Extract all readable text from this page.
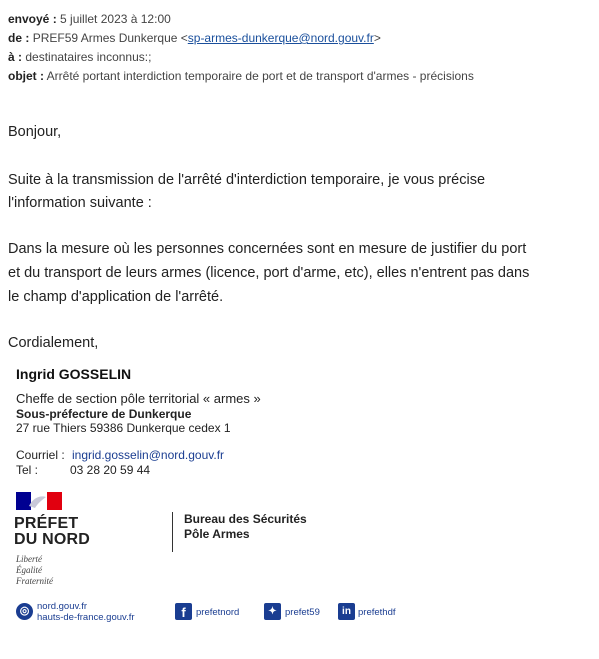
envoyé : 5 juillet 2023 à 12:00
de : PREF59 Armes Dunkerque <sp-armes-dunkerque@nord.gouv.fr>
à : destinataires inconnus:;
objet : Arrêté portant interdiction temporaire de port et de transport d'armes - précisions
Bonjour,
Suite à la transmission de l'arrêté d'interdiction temporaire, je vous précise
l'information suivante :
Dans la mesure où les personnes concernées sont en mesure de justifier du port
et du transport de leurs armes (licence, port d'arme, etc), elles n'entrent pas dans
le champ d'application de l'arrêté.
Cordialement,
Ingrid GOSSELIN
Cheffe de section pôle territorial « armes »
Sous-préfecture de Dunkerque
27 rue Thiers 59386 Dunkerque cedex 1
Courriel : ingrid.gosselin@nord.gouv.fr
Tel :	03 28 20 59 44
PRÉFET
DU NORD
Liberté
Égalité
Fraternité
Bureau des Sécurités
Pôle Armes
◎ nord.gouv.fr
hauts-de-france.gouv.fr	f	prefetnord	✦ prefet59	in prefethdf
